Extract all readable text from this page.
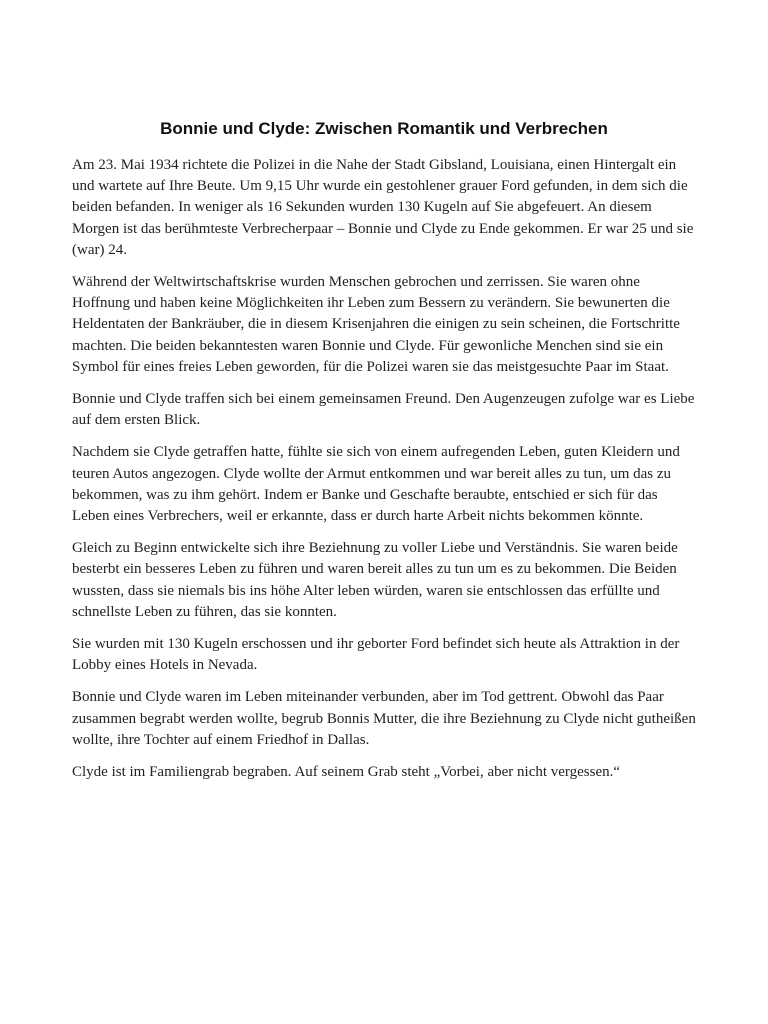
Bonnie und Clyde: Zwischen Romantik und Verbrechen

Am 23. Mai 1934 richtete die Polizei in die Nahe der Stadt Gibsland, Louisiana, einen Hintergalt ein und wartete auf Ihre Beute. Um 9,15 Uhr wurde ein gestohlener grauer Ford gefunden, in dem sich die beiden befanden. In weniger als 16 Sekunden wurden 130 Kugeln auf Sie abgefeuert. An diesem Morgen ist das berühmteste Verbrecherpaar – Bonnie und Clyde zu Ende gekommen. Er war 25 und sie (war) 24.

Während der Weltwirtschaftskrise wurden Menschen gebrochen und zerrissen. Sie waren ohne Hoffnung und haben keine Möglichkeiten ihr Leben zum Bessern zu verändern. Sie bewunerten die Heldentaten der Bankräuber, die in diesem Krisenjahren die einigen zu sein scheinen, die Fortschritte machten. Die beiden bekanntesten waren Bonnie und Clyde. Für gewonliche Menchen sind sie ein Symbol für eines freies Leben geworden, für die Polizei waren sie das meistgesuchte Paar im Staat.

Bonnie und Clyde traffen sich bei einem gemeinsamen Freund. Den Augenzeugen zufolge war es Liebe auf dem ersten Blick.

Nachdem sie Clyde getraffen hatte, fühlte sie sich von einem aufregenden Leben, guten Kleidern und teuren Autos angezogen. Clyde wollte der Armut entkommen und war bereit alles zu tun, um das zu bekommen, was zu ihm gehört. Indem er Banke und Geschafte beraubte, entschied er sich für das Leben eines Verbrechers, weil er erkannte, dass er durch harte Arbeit nichts bekommen könnte.

Gleich zu Beginn entwickelte sich ihre Beziehnung zu voller Liebe und Verständnis. Sie waren beide besterbt ein besseres Leben zu führen und waren bereit alles zu tun um es zu bekommen. Die Beiden wussten, dass sie niemals bis ins höhe Alter leben würden, waren sie entschlossen das erfüllte und schnellste Leben zu führen, das sie konnten.

Sie wurden mit 130 Kugeln erschossen und ihr geborter Ford befindet sich heute als Attraktion in der Lobby eines Hotels in Nevada.

Bonnie und Clyde waren im Leben miteinander verbunden, aber im Tod gettrent. Obwohl das Paar zusammen begrabt werden wollte, begrub Bonnis Mutter, die ihre Beziehnung zu Clyde nicht gutheißen wollte, ihre Tochter auf einem Friedhof in Dallas.

Clyde ist im Familiengrab begraben. Auf seinem Grab steht „Vorbei, aber nicht vergessen.“
